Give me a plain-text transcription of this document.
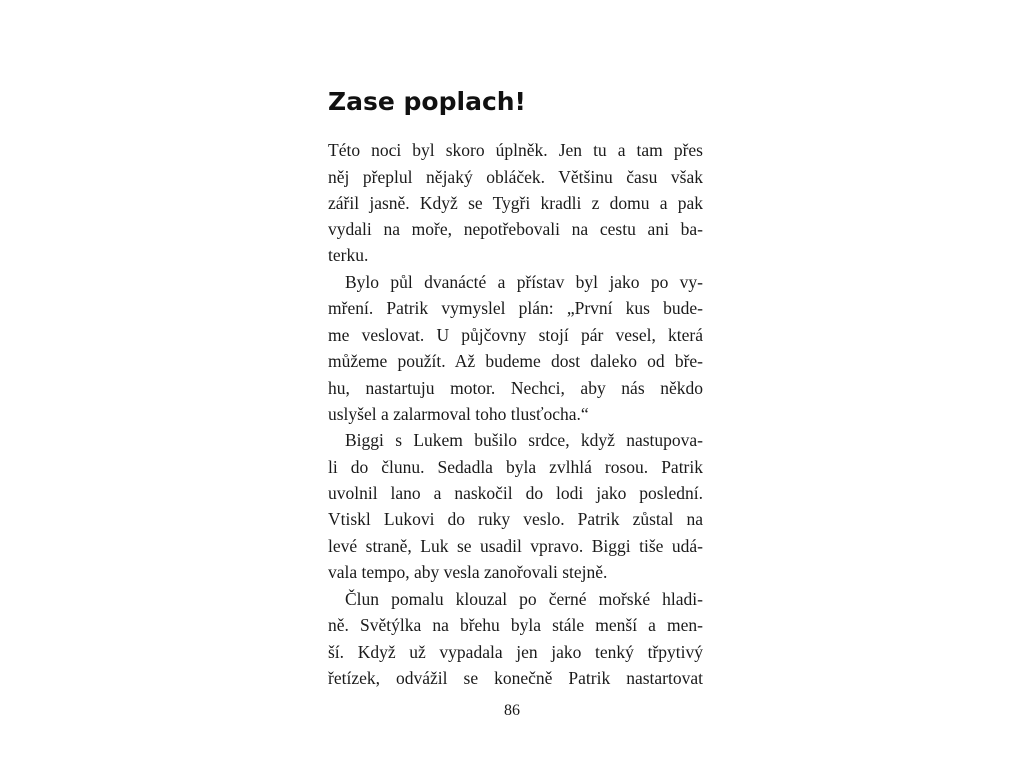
Zase poplach!
Této noci byl skoro úplněk. Jen tu a tam přes
něj přeplul nějaký obláček. Většinu času však
zářil jasně. Když se Tygři kradli z domu a pak
vydali na moře, nepotřebovali na cestu ani ba-
terku.
Bylo půl dvanácté a přístav byl jako po vy-
mření. Patrik vymyslel plán: „První kus bude-
me veslovat. U půjčovny stojí pár vesel, která
můžeme použít. Až budeme dost daleko od bře-
hu, nastartuju motor. Nechci, aby nás někdo
uslyšel a zalarmoval toho tlusťocha.“
Biggi s Lukem bušilo srdce, když nastupova-
li do člunu. Sedadla byla zvlhlá rosou. Patrik
uvolnil lano a naskočil do lodi jako poslední.
Vtiskl Lukovi do ruky veslo. Patrik zůstal na
levé straně, Luk se usadil vpravo. Biggi tiše udá-
vala tempo, aby vesla zanořovali stejně.
Člun pomalu klouzal po černé mořské hladi-
ně. Světýlka na břehu byla stále menší a men-
ší. Když už vypadala jen jako tenký třpytivý
řetízek, odvážil se konečně Patrik nastartovat
86
